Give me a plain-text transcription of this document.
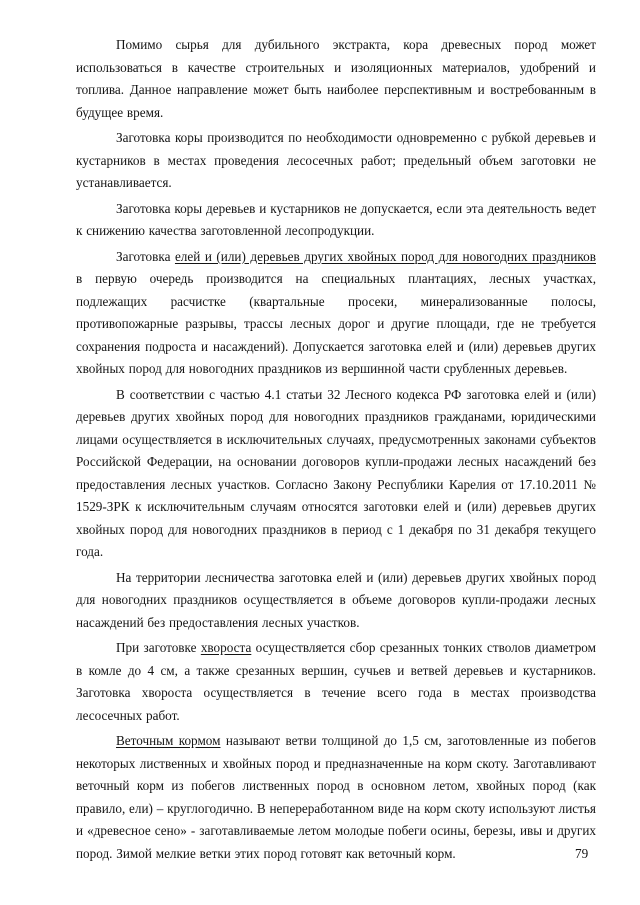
Помимо сырья для дубильного экстракта, кора древесных пород может использоваться в качестве строительных и изоляционных материалов, удобрений и топлива. Данное направление может быть наиболее перспективным и востребованным в будущее время.

Заготовка коры производится по необходимости одновременно с рубкой деревьев и кустарников в местах проведения лесосечных работ; предельный объем заготовки не устанавливается.

Заготовка коры деревьев и кустарников не допускается, если эта деятельность ведет к снижению качества заготовленной лесопродукции.

Заготовка елей и (или) деревьев других хвойных пород для новогодних праздников в первую очередь производится на специальных плантациях, лесных участках, подлежащих расчистке (квартальные просеки, минерализованные полосы, противопожарные разрывы, трассы лесных дорог и другие площади, где не требуется сохранения подроста и насаждений). Допускается заготовка елей и (или) деревьев других хвойных пород для новогодних праздников из вершинной части срубленных деревьев.

В соответствии с частью 4.1 статьи 32 Лесного кодекса РФ заготовка елей и (или) деревьев других хвойных пород для новогодних праздников гражданами, юридическими лицами осуществляется в исключительных случаях, предусмотренных законами субъектов Российской Федерации, на основании договоров купли-продажи лесных насаждений без предоставления лесных участков. Согласно Закону Республики Карелия от 17.10.2011 № 1529-ЗРК к исключительным случаям относятся заготовки елей и (или) деревьев других хвойных пород для новогодних праздников в период с 1 декабря по 31 декабря текущего года.

На территории лесничества заготовка елей и (или) деревьев других хвойных пород для новогодних праздников осуществляется в объеме договоров купли-продажи лесных насаждений без предоставления лесных участков.

При заготовке хвороста осуществляется сбор срезанных тонких стволов диаметром в комле до 4 см, а также срезанных вершин, сучьев и ветвей деревьев и кустарников. Заготовка хвороста осуществляется в течение всего года в местах производства лесосечных работ.

Веточным кормом называют ветви толщиной до 1,5 см, заготовленные из побегов некоторых лиственных и хвойных пород и предназначенные на корм скоту. Заготавливают веточный корм из побегов лиственных пород в основном летом, хвойных пород (как правило, ели) – круглогодично. В непереработанном виде на корм скоту используют листья и «древесное сено» - заготавливаемые летом молодые побеги осины, березы, ивы и других пород. Зимой мелкие ветки этих пород готовят как веточный корм.	79
